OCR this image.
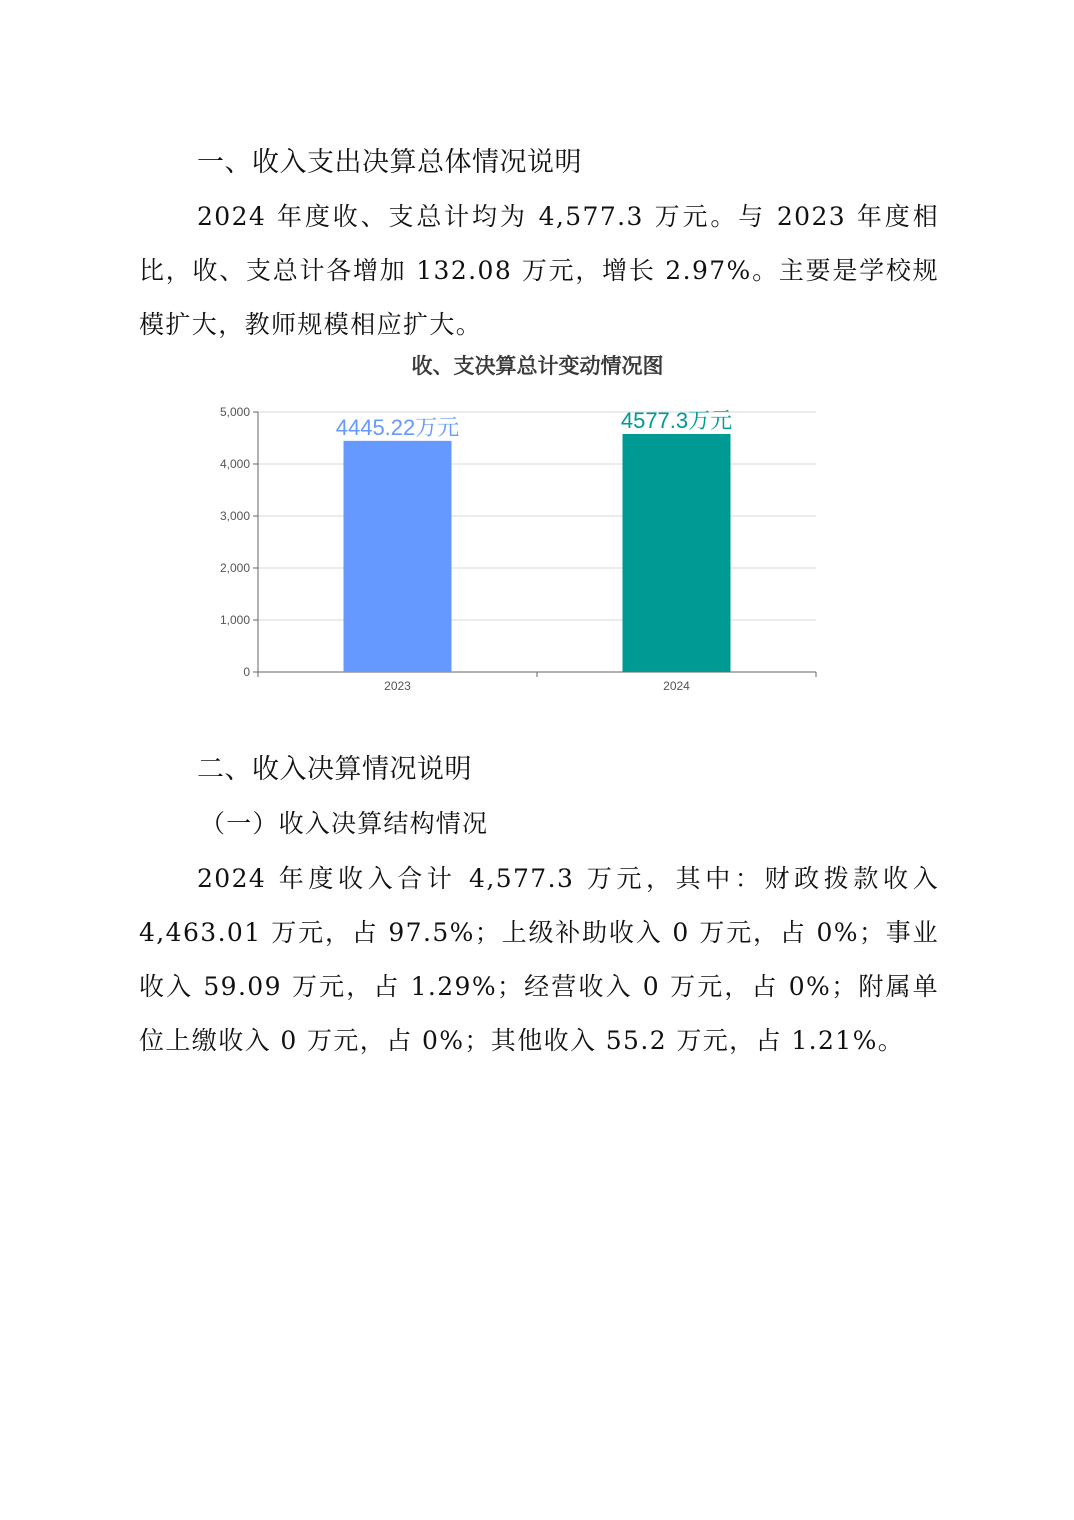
一、收入支出决算总体情况说明

2024 年度收、支总计均为 4,577.3 万元。与 2023 年度相比，收、支总计各增加 132.08 万元，增长 2.97%。主要是学校规模扩大，教师规模相应扩大。

收、支决算总计变动情况图
0
1,000
2,000
3,000
4,000
5,000
4445.22万元
2023
4577.3万元
2024
二、收入决算情况说明
（一）收入决算结构情况

2024 年度收入合计 4,577.3 万元，其中：财政拨款收入 4,463.01 万元，占 97.5%；上级补助收入 0 万元，占 0%；事业收入 59.09 万元，占 1.29%；经营收入 0 万元，占 0%；附属单位上缴收入 0 万元，占 0%；其他收入 55.2 万元，占 1.21%。
